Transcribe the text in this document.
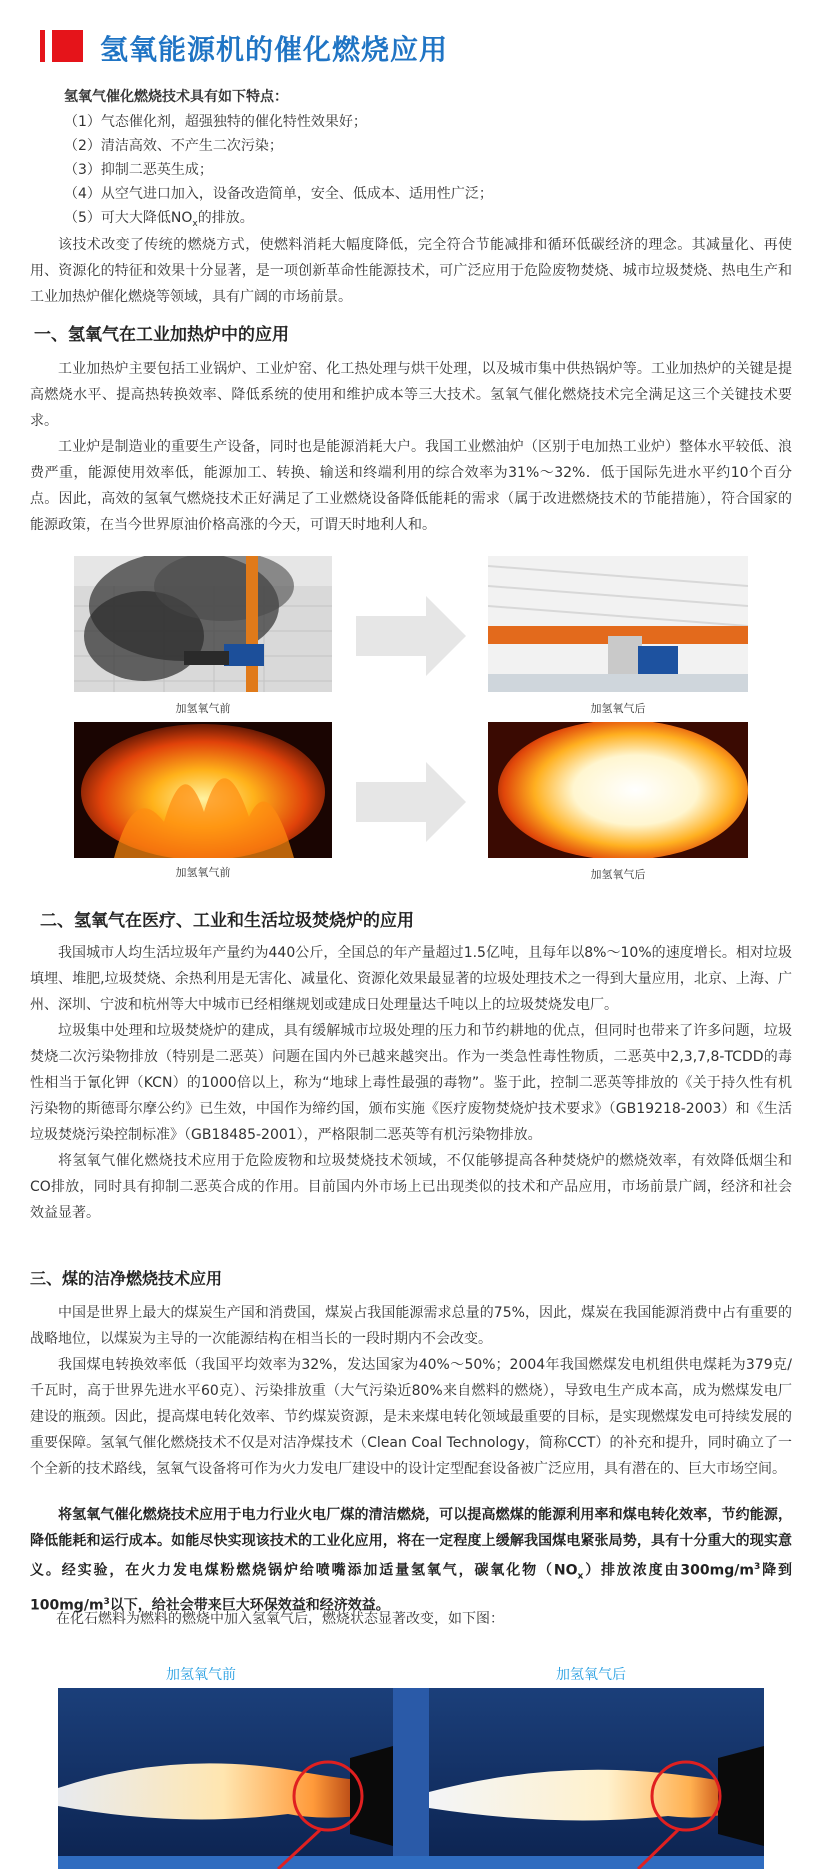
氢氧能源机的催化燃烧应用
氢氧气催化燃烧技术具有如下特点：
（1）气态催化剂，超强独特的催化特性效果好；
（2）清洁高效、不产生二次污染；
（3）抑制二恶英生成；
（4）从空气进口加入，设备改造简单，安全、低成本、适用性广泛；
（5）可大大降低$NO_x$的排放。
该技术改变了传统的燃烧方式，使燃料消耗大幅度降低，完全符合节能减排和循环低碳经济的理念。其减量化、再使用、资源化的特征和效果十分显著，是一项创新革命性能源技术，可广泛应用于危险废物焚烧、城市垃圾焚烧、热电生产和工业加热炉催化燃烧等领域，具有广阔的市场前景。
一、氢氧气在工业加热炉中的应用
工业加热炉主要包括工业锅炉、工业炉窑、化工热处理与烘干处理，以及城市集中供热锅炉等。工业加热炉的关键是提高燃烧水平、提高热转换效率、降低系统的使用和维护成本等三大技术。氢氧气催化燃烧技术完全满足这三个关键技术要求。
工业炉是制造业的重要生产设备，同时也是能源消耗大户。我国工业燃油炉（区别于电加热工业炉）整体水平较低、浪费严重，能源使用效率低，能源加工、转换、输送和终端利用的综合效率为31%～32%．低于国际先进水平约10个百分点。因此，高效的氢氧气燃烧技术正好满足了工业燃烧设备降低能耗的需求（属于改进燃烧技术的节能措施），符合国家的能源政策，在当今世界原油价格高涨的今天，可谓天时地利人和。
加氢氧气前	加氢氧气后
加氢氧气前	加氢氧气后
二、氢氧气在医疗、工业和生活垃圾焚烧炉的应用
我国城市人均生活垃圾年产量约为440公斤，全国总的年产量超过1.5亿吨，且每年以8%～10%的速度增长。相对垃圾填埋、堆肥,垃圾焚烧、余热利用是无害化、减量化、资源化效果最显著的垃圾处理技术之一得到大量应用，北京、上海、广州、深圳、宁波和杭州等大中城市已经相继规划或建成日处理量达千吨以上的垃圾焚烧发电厂。
垃圾集中处理和垃圾焚烧炉的建成，具有缓解城市垃圾处理的压力和节约耕地的优点，但同时也带来了许多问题，垃圾焚烧二次污染物排放（特别是二恶英）问题在国内外已越来越突出。作为一类急性毒性物质，二恶英中2,3,7,8-TCDD的毒性相当于氰化钾（KCN）的1000倍以上，称为“地球上毒性最强的毒物”。鉴于此，控制二恶英等排放的《关于持久性有机污染物的斯德哥尔摩公约》已生效，中国作为缔约国，颁布实施《医疗废物焚烧炉技术要求》（GB19218-2003）和《生活垃圾焚烧污染控制标准》（GB18485-2001），严格限制二恶英等有机污染物排放。
将氢氧气催化燃烧技术应用于危险废物和垃圾焚烧技术领域，不仅能够提高各种焚烧炉的燃烧效率，有效降低烟尘和CO排放，同时具有抑制二恶英合成的作用。目前国内外市场上已出现类似的技术和产品应用，市场前景广阔，经济和社会效益显著。
三、煤的洁净燃烧技术应用
中国是世界上最大的煤炭生产国和消费国，煤炭占我国能源需求总量的75%，因此，煤炭在我国能源消费中占有重要的战略地位，以煤炭为主导的一次能源结构在相当长的一段时期内不会改变。
我国煤电转换效率低（我国平均效率为32%，发达国家为40%～50%；2004年我国燃煤发电机组供电煤耗为379克/千瓦时，高于世界先进水平60克）、污染排放重（大气污染近80%来自燃料的燃烧），导致电生产成本高，成为燃煤发电厂建设的瓶颈。因此，提高煤电转化效率、节约煤炭资源，是未来煤电转化领域最重要的目标，是实现燃煤发电可持续发展的重要保障。氢氧气催化燃烧技术不仅是对洁净煤技术（Clean Coal Technology，简称CCT）的补充和提升，同时确立了一个全新的技术路线，氢氧气设备将可作为火力发电厂建设中的设计定型配套设备被广泛应用，具有潜在的、巨大市场空间。
将氢氧气催化燃烧技术应用于电力行业火电厂煤的清洁燃烧，可以提高燃煤的能源利用率和煤电转化效率，节约能源，降低能耗和运行成本。如能尽快实现该技术的工业化应用，将在一定程度上缓解我国煤电紧张局势，具有十分重大的现实意义。经实验，在火力发电煤粉燃烧锅炉给喷嘴添加适量氢氧气，碳氧化物$(NO_x)$排放浓度由$300mg/m^3$降到$100mg/m^3$以下，给社会带来巨大环保效益和经济效益。
在化石燃料为燃料的燃烧中加入氢氧气后，燃烧状态显著改变，如下图：
加氢氧气前	加氢氧气后
